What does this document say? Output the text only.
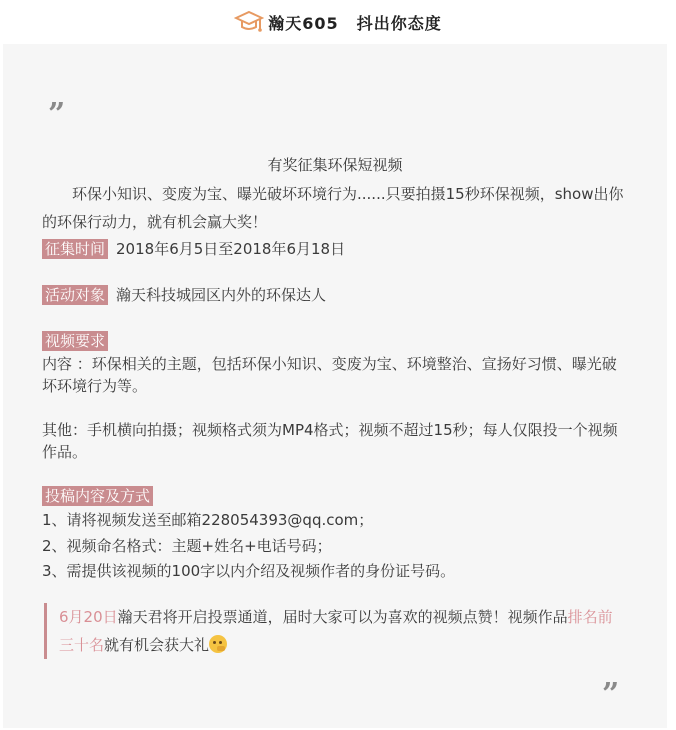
瀚天605 抖出你态度
”
有奖征集环保短视频
环保小知识、变废为宝、曝光破坏环境行为......只要拍摄15秒环保视频，show出你的环保行动力，就有机会赢大奖！
征集时间 2018年6月5日至2018年6月18日
活动对象 瀚天科技城园区内外的环保达人
视频要求
内容 ：环保相关的主题，包括环保小知识、变废为宝、环境整治、宣扬好习惯、曝光破坏环境行为等。
其他：手机横向拍摄；视频格式须为MP4格式；视频不超过15秒；每人仅限投一个视频作品。
投稿内容及方式
1、请将视频发送至邮箱228054393@qq.com；
2、视频命名格式：主题+姓名+电话号码；
3、需提供该视频的100字以内介绍及视频作者的身份证号码。
6月20日瀚天君将开启投票通道，届时大家可以为喜欢的视频点赞！视频作品排名前三十名就有机会获大礼
”
